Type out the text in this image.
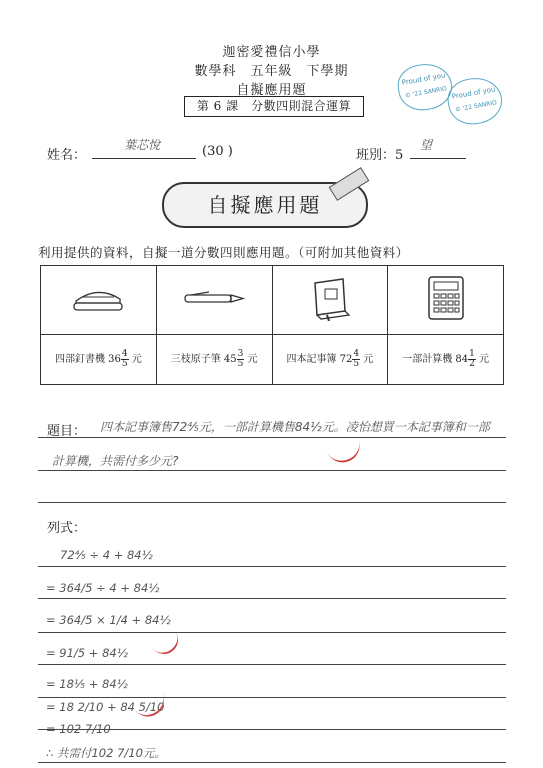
迦密愛禮信小學
數學科　五年級　下學期
自擬應用題
第 6 課　分數四則混合運算
Proud of you
© '22 SANRIO Proud of you
© '22 SANRIO
姓名：
葉芯悅	(30 )	班別：5
望
自擬應用題
利用提供的資料，自擬一道分數四則應用題。（可附加其他資料）

四部釘書機 $36 \frac{4}{5}$ 元	三枝原子筆 $45 \frac{3}{5}$ 元	四本記事簿 $72 \frac{4}{5}$ 元	一部計算機 $84 \frac{1}{2}$ 元
題目： 四本記事簿售72⅘元，一部計算機售84½元。凌怡想買一本記事簿和一部
計算機，共需付多少元?
列式：
72⅘ ÷ 4 + 84½
= 364/5 ÷ 4 + 84½
= 364/5 × 1/4 + 84½
= 91/5 + 84½
= 18⅕ + 84½
= 18 2/10 + 84 5/10
= 102 7/10
∴ 共需付102 7/10元。
